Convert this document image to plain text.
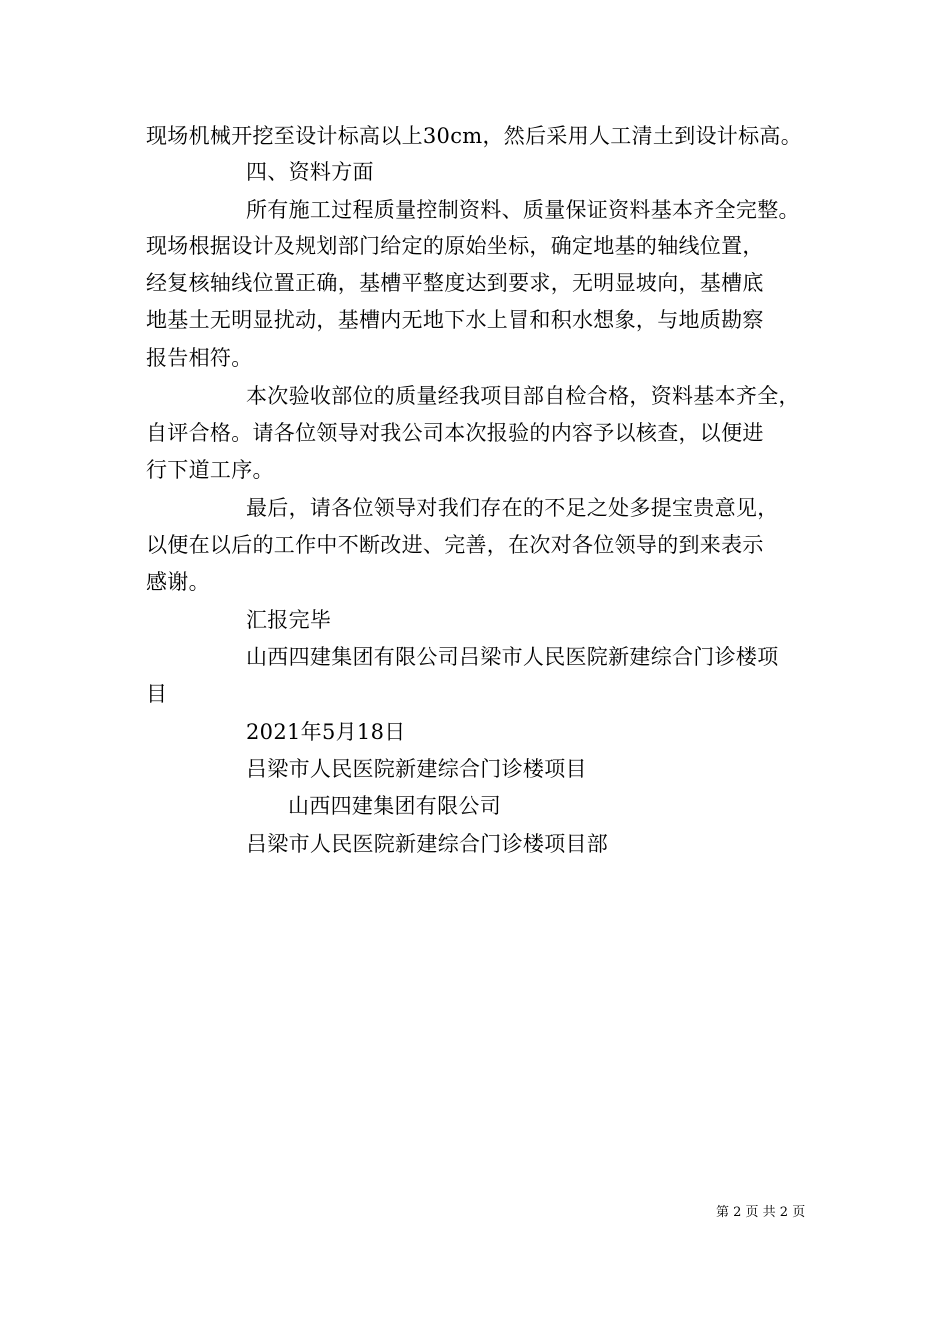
现场机械开挖至设计标高以上30cm，然后采用人工清土到设计标高。
四、资料方面
所有施工过程质量控制资料、质量保证资料基本齐全完整。
现场根据设计及规划部门给定的原始坐标，确定地基的轴线位置，
经复核轴线位置正确，基槽平整度达到要求，无明显坡向，基槽底
地基土无明显扰动，基槽内无地下水上冒和积水想象，与地质勘察
报告相符。
本次验收部位的质量经我项目部自检合格，资料基本齐全，
自评合格。请各位领导对我公司本次报验的内容予以核查，以便进
行下道工序。
最后，请各位领导对我们存在的不足之处多提宝贵意见，
以便在以后的工作中不断改进、完善，在次对各位领导的到来表示
感谢。
汇报完毕
山西四建集团有限公司吕梁市人民医院新建综合门诊楼项
目
2021年5月18日
吕梁市人民医院新建综合门诊楼项目
山西四建集团有限公司
吕梁市人民医院新建综合门诊楼项目部
第 2 页 共 2 页
